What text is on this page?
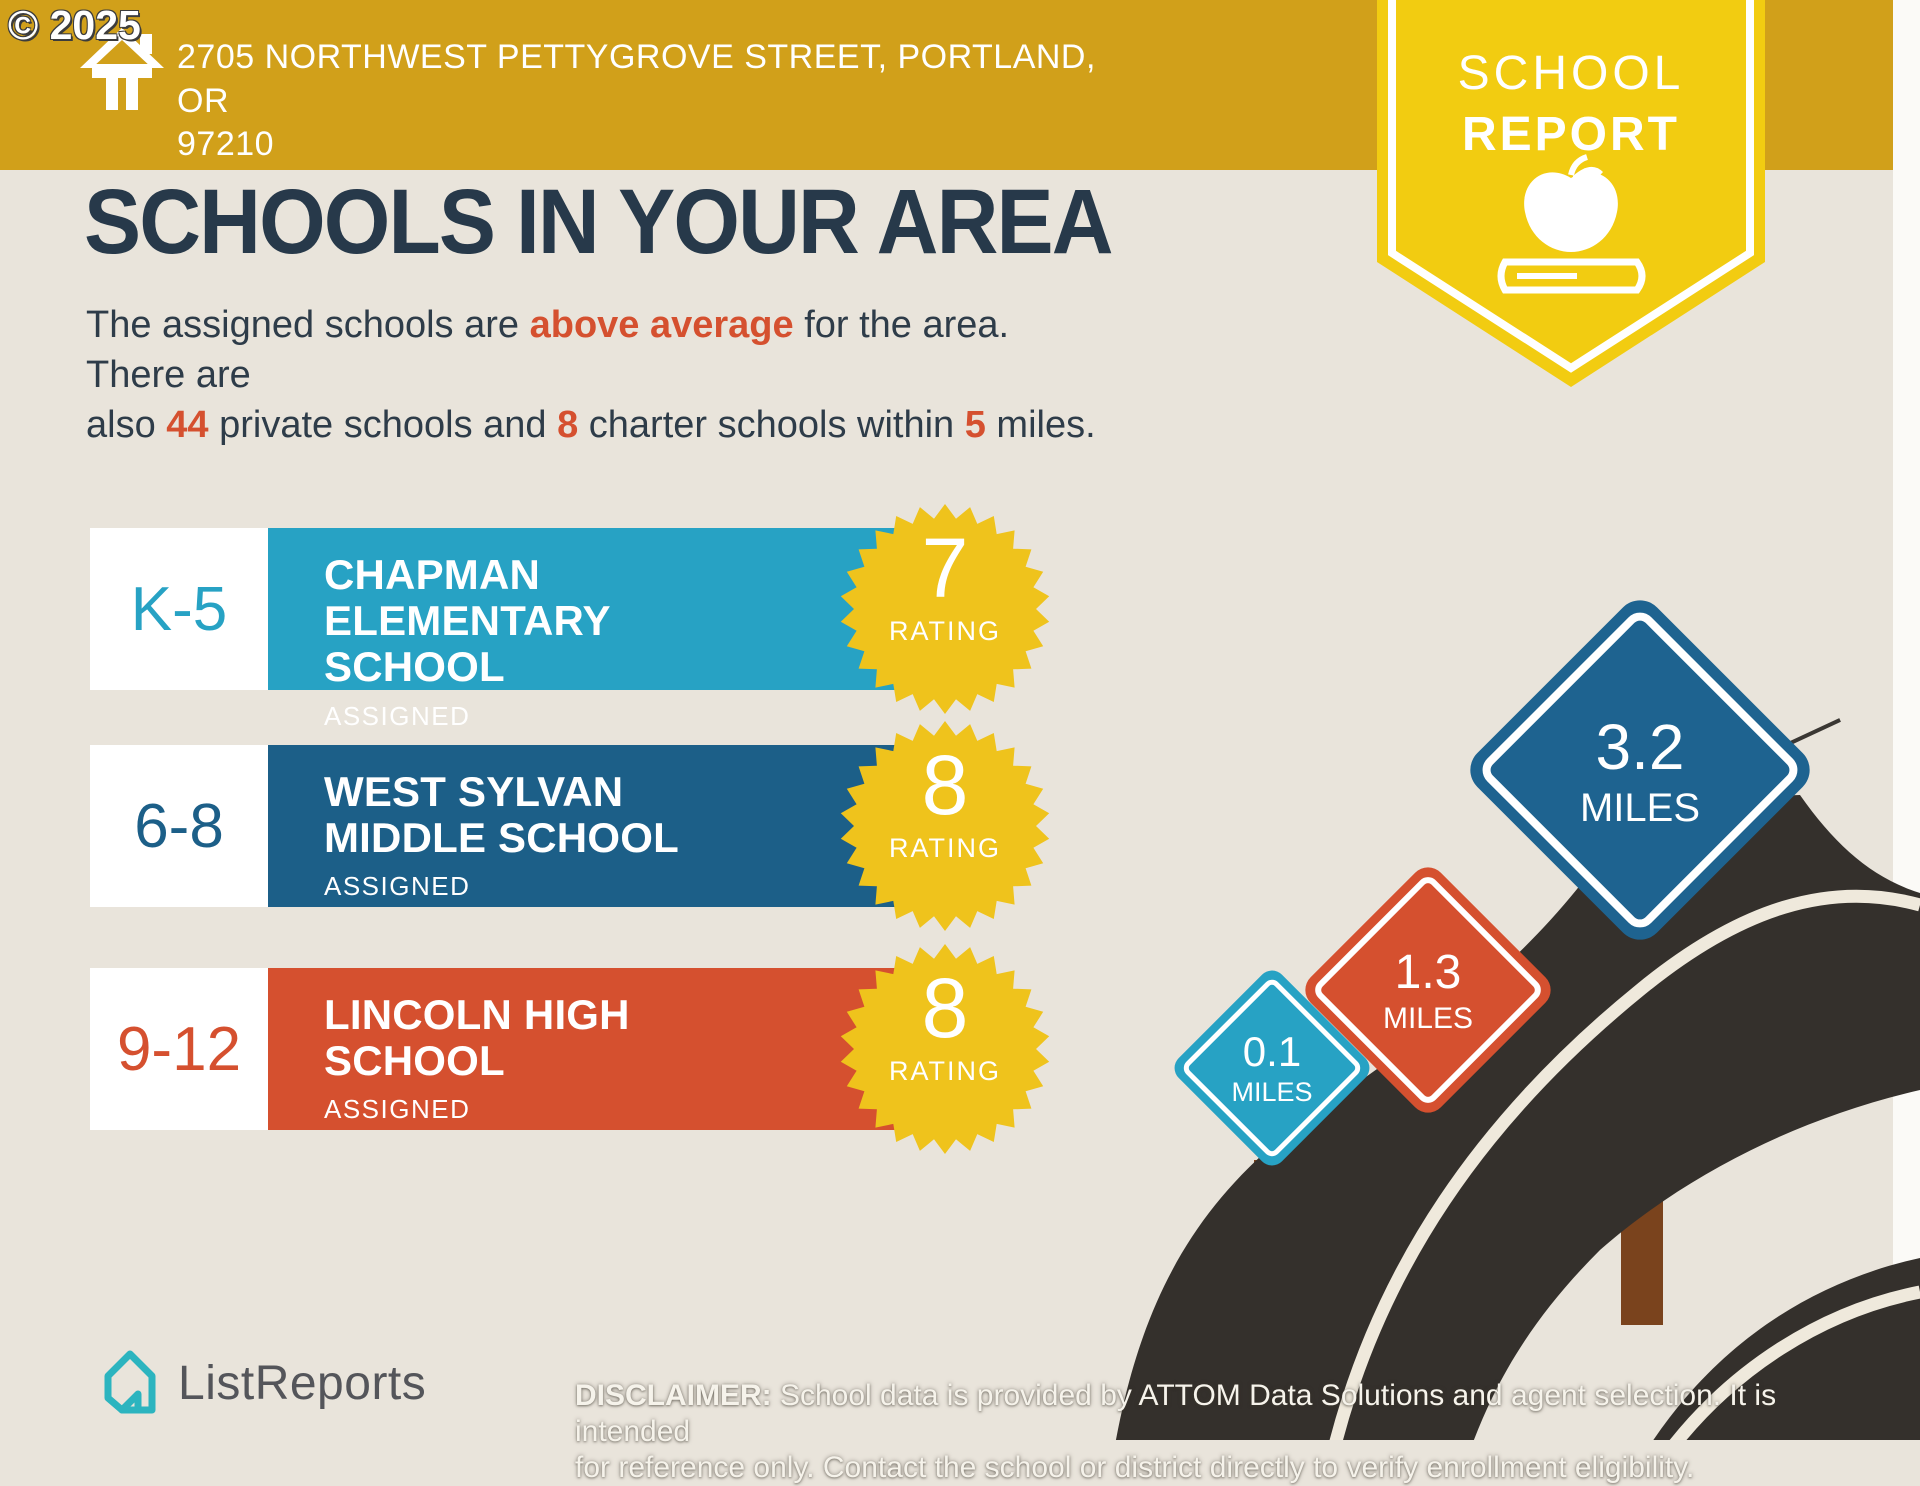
© 2025
2705 NORTHWEST PETTYGROVE STREET, PORTLAND, OR
97210
SCHOOL
REPORT
SCHOOLS IN YOUR AREA
The assigned schools are above average for the area. There are
also 44 private schools and 8 charter schools within 5 miles.
K-5	CHAPMAN ELEMENTARY SCHOOL
ASSIGNED
7
RATING
6-8	WEST SYLVAN MIDDLE SCHOOL
ASSIGNED
8
RATING
9-12	LINCOLN HIGH SCHOOL
ASSIGNED
8
RATING
3.2
MILES
1.3
MILES
0.1
MILES
ListReports	DISCLAIMER: School data is provided by ATTOM Data Solutions and agent selection. It is intended
for reference only. Contact the school or district directly to verify enrollment eligibility.
